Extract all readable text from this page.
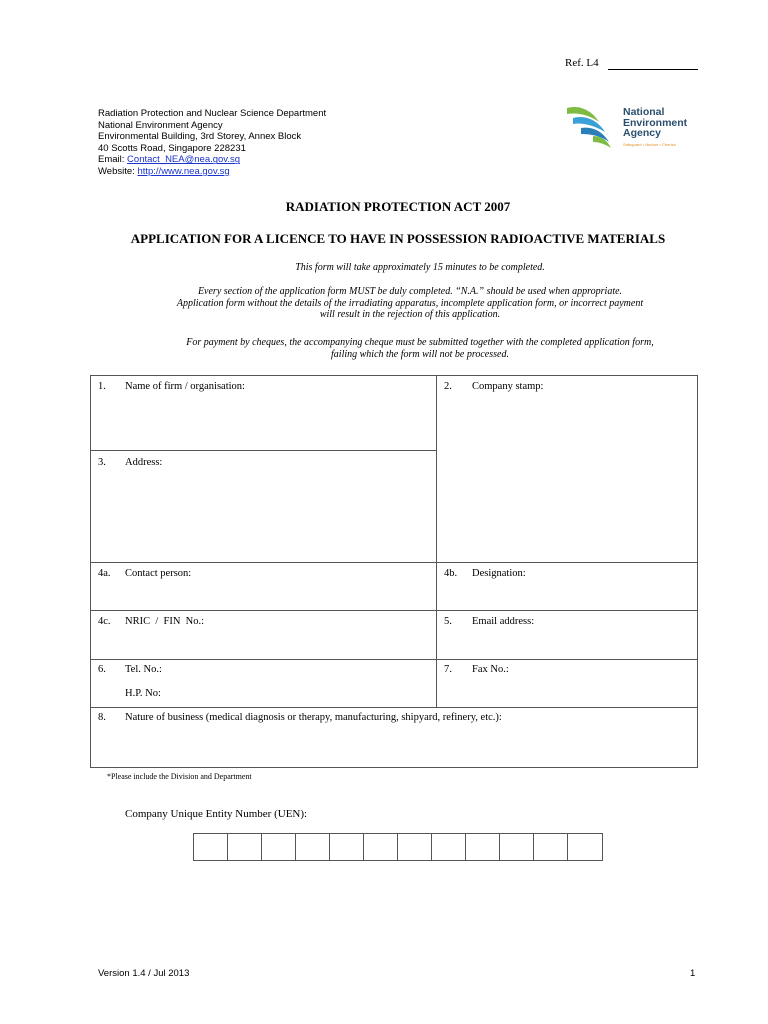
Ref. L4
Radiation Protection and Nuclear Science Department
National Environment Agency
Environmental Building, 3rd Storey, Annex Block
40 Scotts Road, Singapore 228231
Email: Contact_NEA@nea.gov.sg
Website: http://www.nea.gov.sg
National
Environment
Agency
Safeguard • Nurture • Cherish
RADIATION PROTECTION ACT 2007
APPLICATION FOR A LICENCE TO HAVE IN POSSESSION RADIOACTIVE MATERIALS
This form will take approximately 15 minutes to be completed.
Every section of the application form MUST be duly completed. “N.A.” should be used when appropriate.
Application form without the details of the irradiating apparatus, incomplete application form, or incorrect payment
will result in the rejection of this application.
For payment by cheques, the accompanying cheque must be submitted together with the completed application form,
failing which the form will not be processed.
1. Name of firm / organisation:	2. Company stamp:
3. Address:
4a. Contact person:	4b. Designation:
4c. NRIC  /  FIN  No.:	5. Email address:
6. Tel. No.:
H.P. No:
7. Fax No.:
8. Nature of business (medical diagnosis or therapy, manufacturing, shipyard, refinery, etc.):
*Please include the Division and Department
Company Unique Entity Number (UEN):
Version 1.4 / Jul 2013	1
